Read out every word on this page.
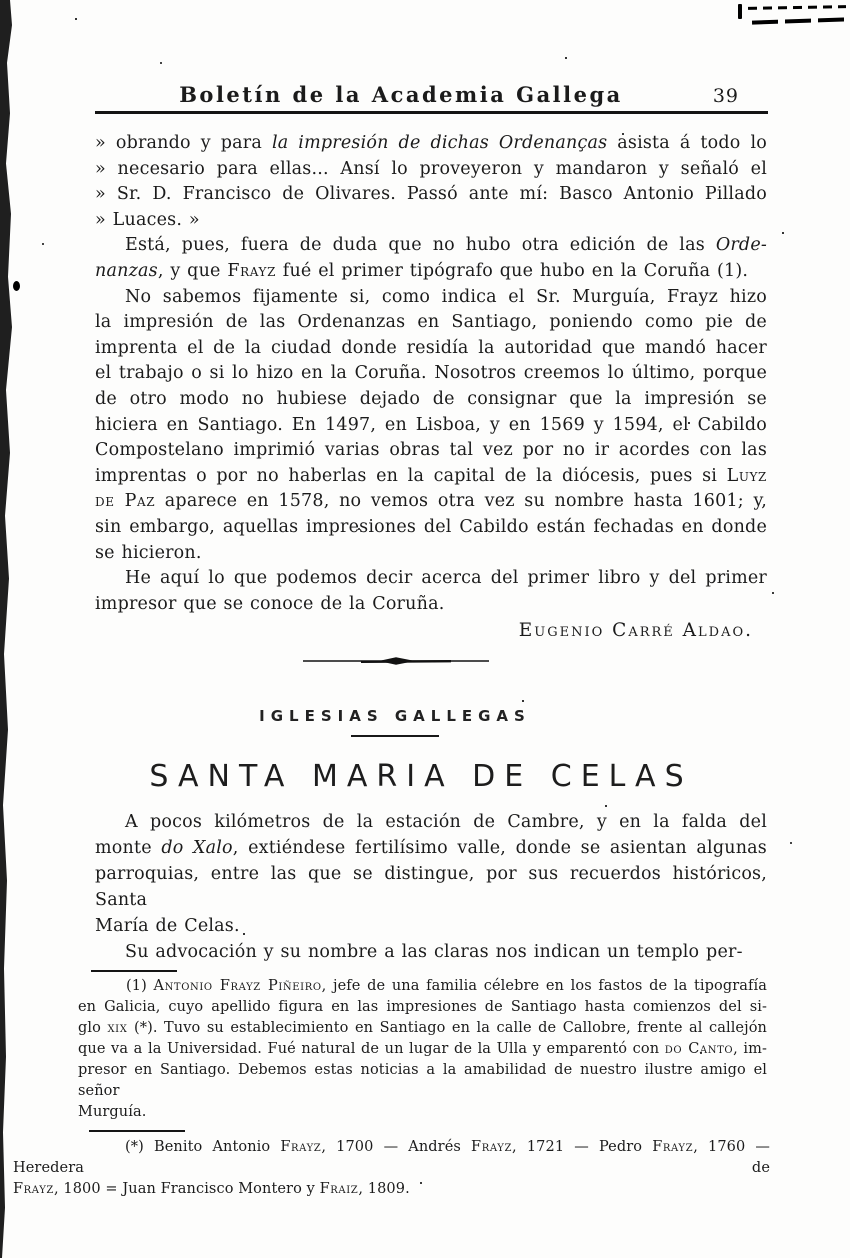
Boletín de la Academia Gallega	39
» obrando y para la impresión de dichas Ordenanças asista á todo lo
» necesario para ellas... Ansí lo proveyeron y mandaron y señaló el
» Sr. D. Francisco de Olivares. Passó ante mí: Basco Antonio Pillado
» Luaces. »
Está, pues, fuera de duda que no hubo otra edición de las Orde-
nanzas, y que Frayz fué el primer tipógrafo que hubo en la Coruña (1).
No sabemos fijamente si, como indica el Sr. Murguía, Frayz hizo
la impresión de las Ordenanzas en Santiago, poniendo como pie de
imprenta el de la ciudad donde residía la autoridad que mandó hacer
el trabajo o si lo hizo en la Coruña. Nosotros creemos lo último, porque
de otro modo no hubiese dejado de consignar que la impresión se
hiciera en Santiago. En 1497, en Lisboa, y en 1569 y 1594, el Cabildo
Compostelano imprimió varias obras tal vez por no ir acordes con las
imprentas o por no haberlas en la capital de la diócesis, pues si Luyz
de Paz aparece en 1578, no vemos otra vez su nombre hasta 1601; y,
sin embargo, aquellas impresiones del Cabildo están fechadas en donde
se hicieron.
He aquí lo que podemos decir acerca del primer libro y del primer
impresor que se conoce de la Coruña.
Eugenio Carré Aldao.
IGLESIAS GALLEGAS
SANTA MARIA DE CELAS
A pocos kilómetros de la estación de Cambre, y en la falda del
monte do Xalo, extiéndese fertilísimo valle, donde se asientan algunas
parroquias, entre las que se distingue, por sus recuerdos históricos, Santa
María de Celas.
Su advocación y su nombre a las claras nos indican un templo per-
(1) Antonio Frayz Piñeiro, jefe de una familia célebre en los fastos de la tipografía
en Galicia, cuyo apellido figura en las impresiones de Santiago hasta comienzos del si-
glo xix (*). Tuvo su establecimiento en Santiago en la calle de Callobre, frente al callejón
que va a la Universidad. Fué natural de un lugar de la Ulla y emparentó con do Canto, im-
presor en Santiago. Debemos estas noticias a la amabilidad de nuestro ilustre amigo el señor
Murguía.
(*) Benito Antonio Frayz, 1700 — Andrés Frayz, 1721 — Pedro Frayz, 1760 — Heredera de
Frayz, 1800 = Juan Francisco Montero y Fraiz, 1809.
